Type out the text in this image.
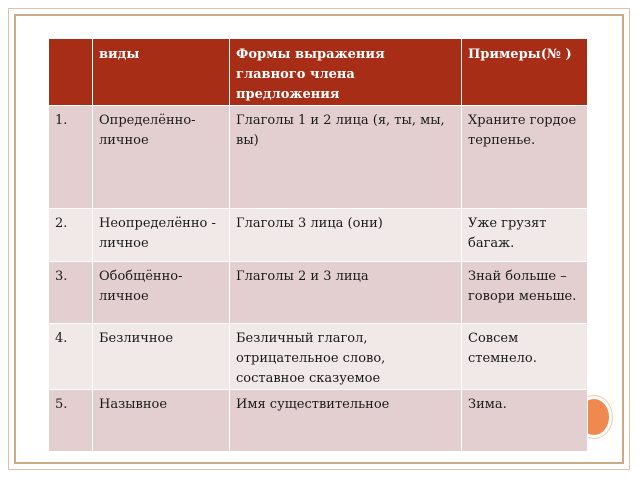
	виды	Формы выражения главного члена предложения	Примеры(№ )
1.	Определённо-личное	Глаголы 1 и 2 лица (я, ты, мы, вы)	Храните гордое терпенье.
2.	Неопределённо - личное	Глаголы 3 лица (они)	Уже грузят багаж.
3.	Обобщённо-личное	Глаголы 2 и 3 лица	Знай больше –говори меньше.
4.	Безличное	Безличный глагол, отрицательное слово, составное сказуемое	Совсем стемнело.
5.	Назывное	Имя существительное	Зима.
